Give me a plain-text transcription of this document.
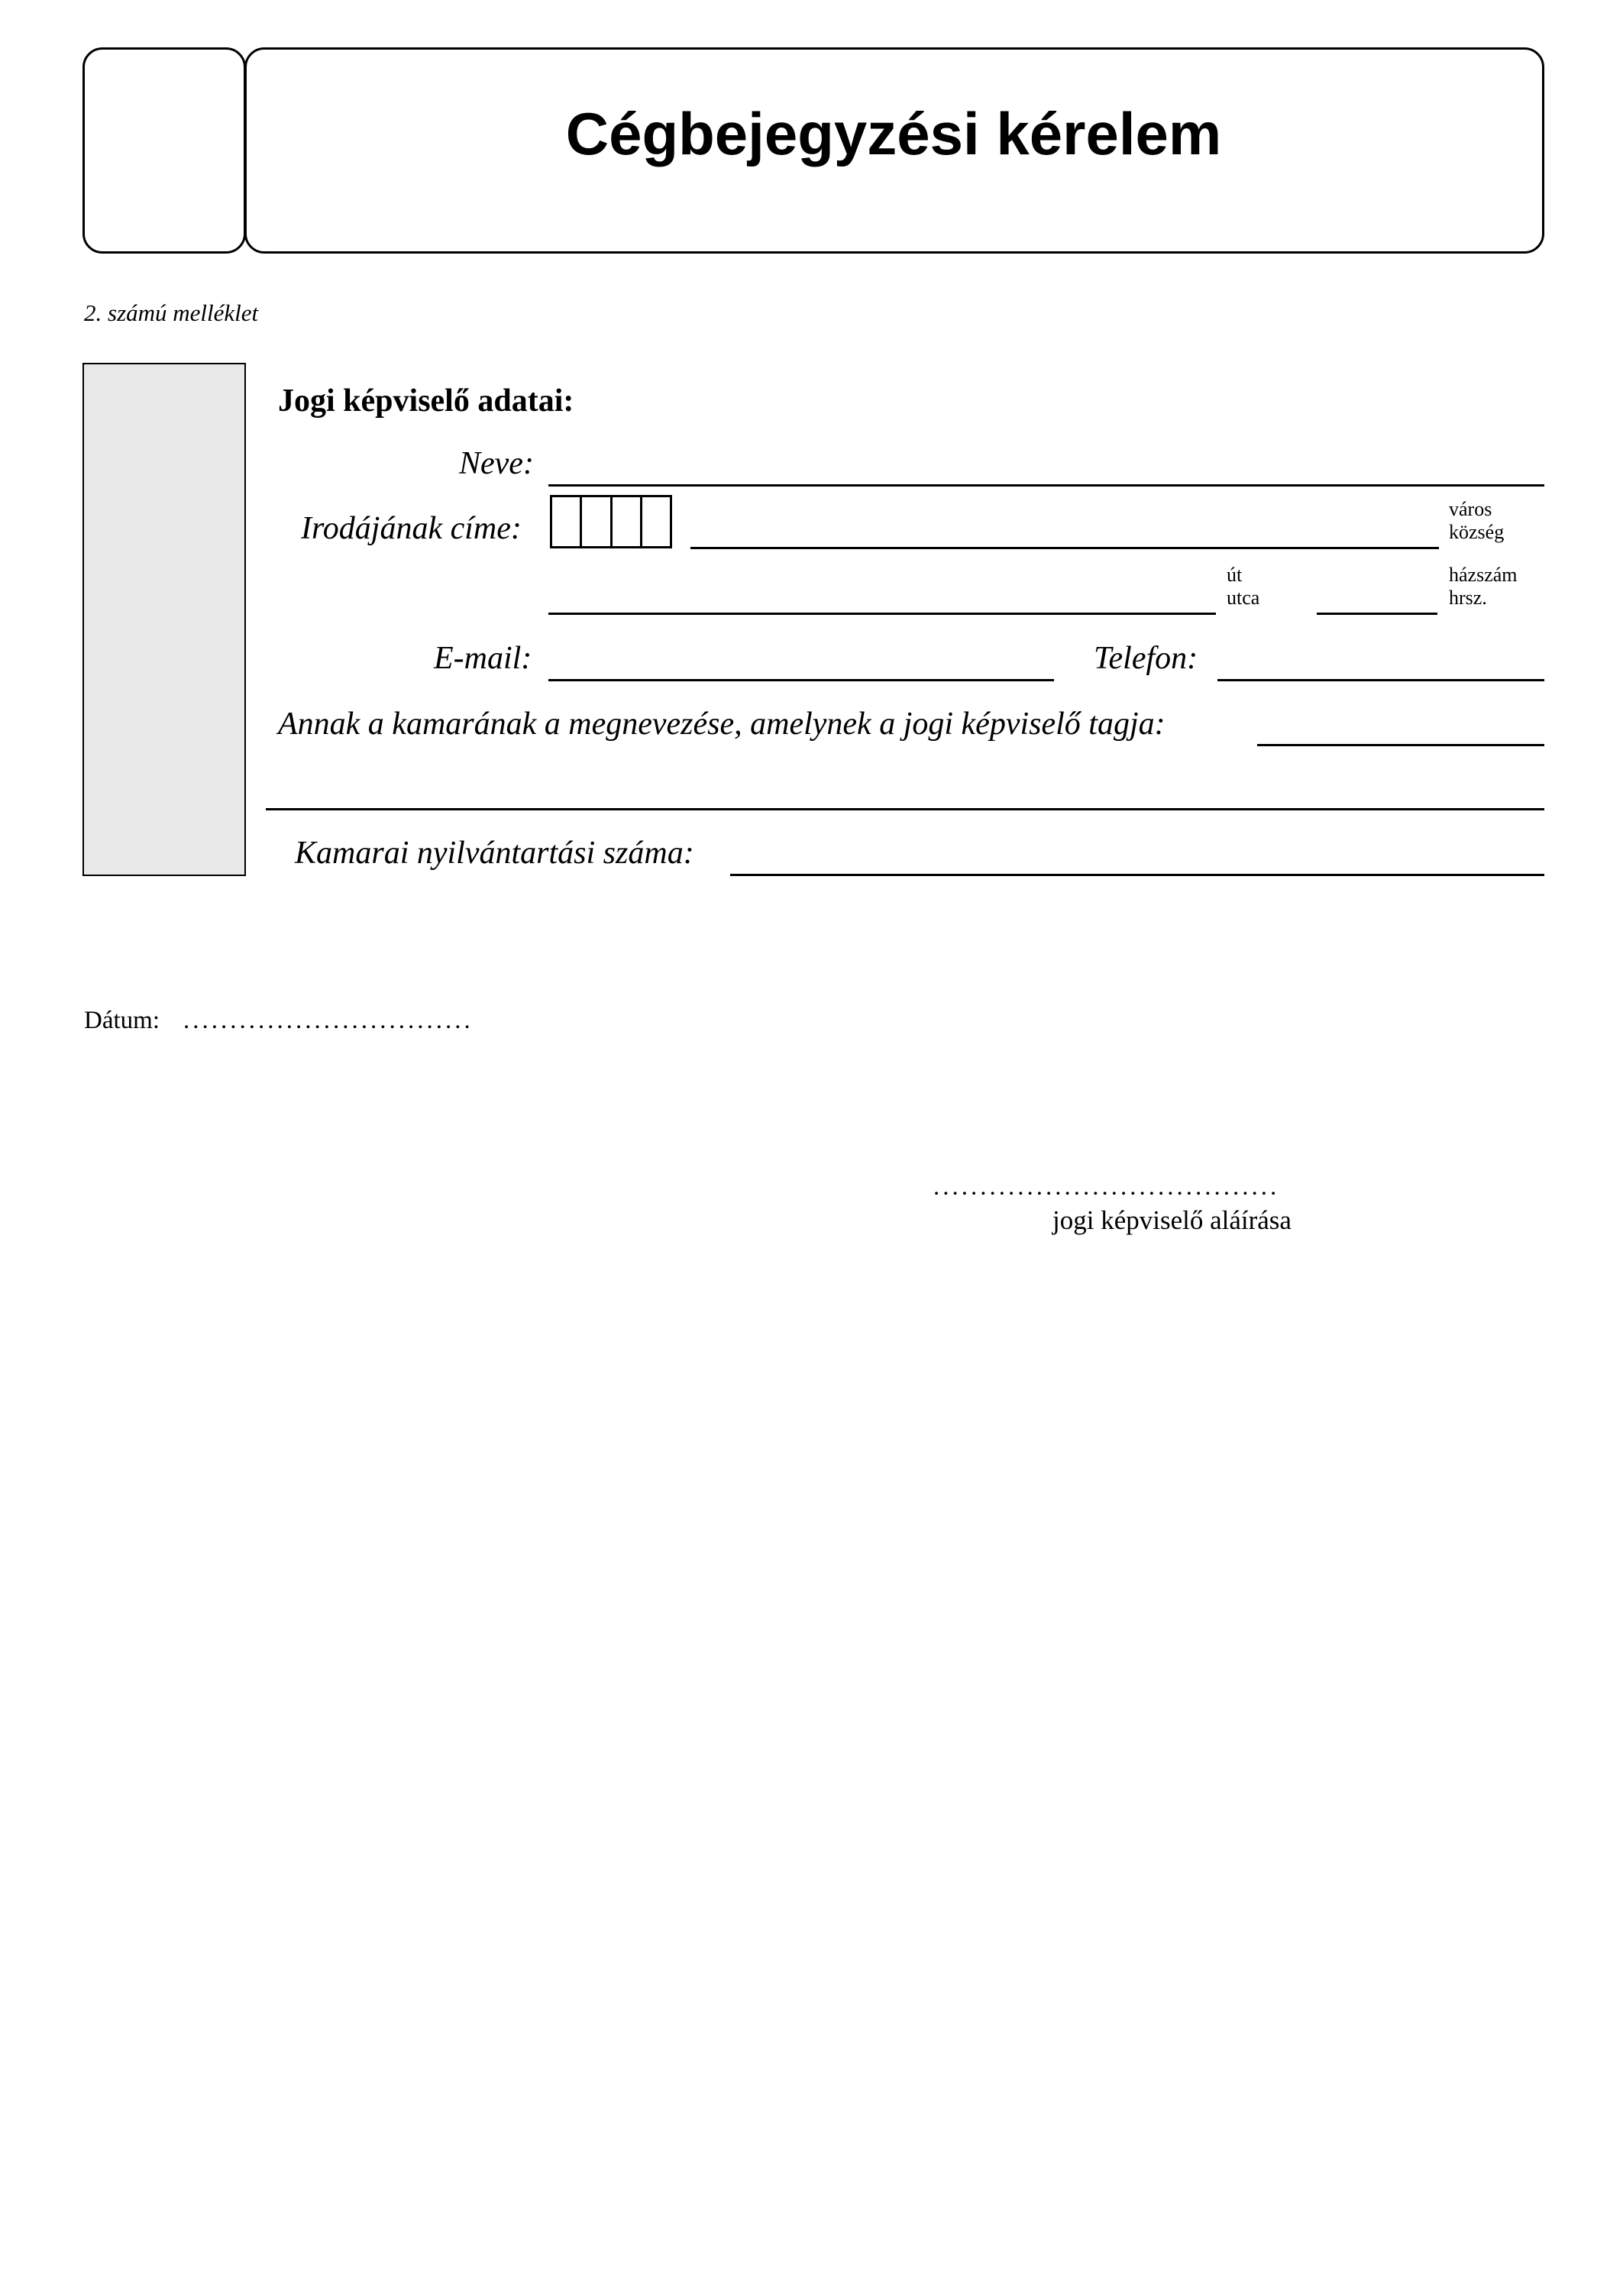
Cégbejegyzési kérelem
2. számú melléklet
Jogi képviselő adatai:
Neve:
Irodájának címe:
város
község
út
utca
házszám
hrsz.
E-mail:	Telefon:
Annak a kamarának a megnevezése, amelynek a jogi képviselő tagja:
Kamarai nyilvántartási száma:
Dátum: ...............................
.....................................
jogi képviselő aláírása
